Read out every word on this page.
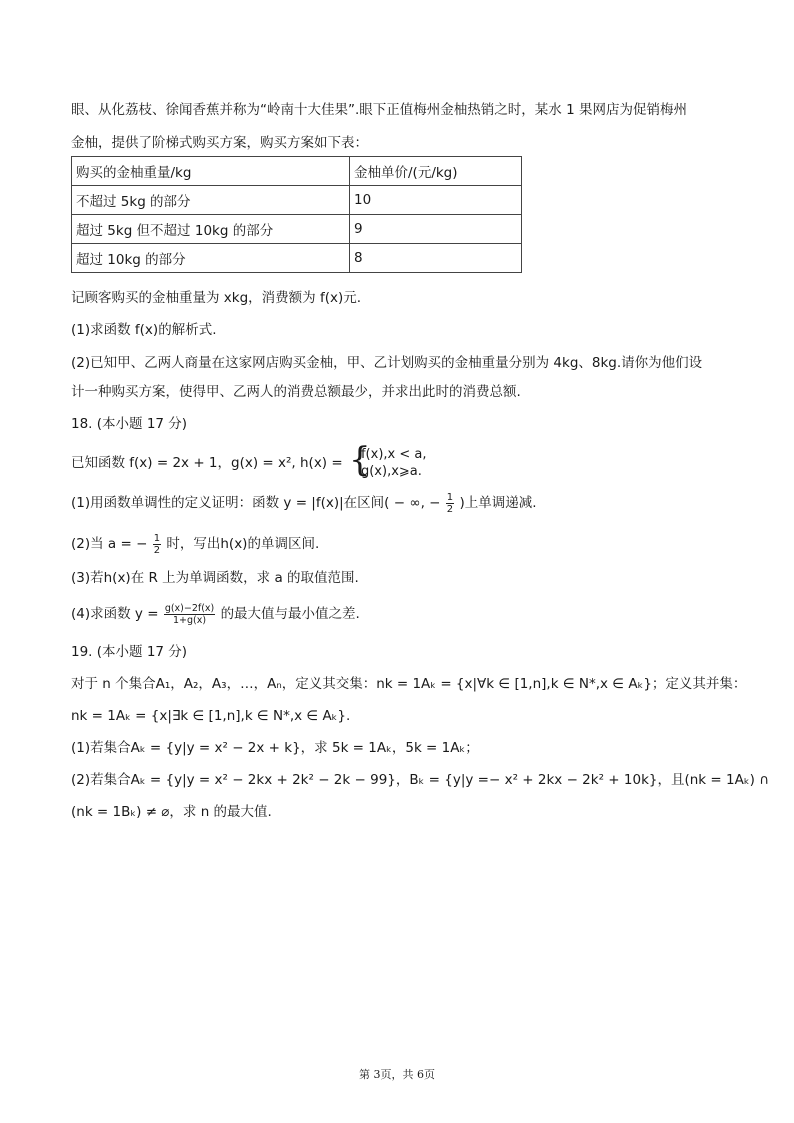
眼、从化荔枝、徐闻香蕉并称为“岭南十大佳果”.眼下正值梅州金柚热销之时，某水 1 果网店为促销梅州
金柚，提供了阶梯式购买方案，购买方案如下表：
购买的金柚重量/kg	金柚单价/(元/kg)
不超过 5kg 的部分	10
超过 5kg 但不超过 10kg 的部分	9
超过 10kg 的部分	8
记顾客购买的金柚重量为 xkg，消费额为 f(x)元.
(1)求函数 f(x)的解析式.
(2)已知甲、乙两人商量在这家网店购买金柚，甲、乙计划购买的金柚重量分别为 4kg、8kg.请你为他们设
计一种购买方案，使得甲、乙两人的消费总额最少，并求出此时的消费总额.
18. (本小题 17 分)
已知函数 f(x) = 2x + 1，g(x) = x², h(x) = {
f(x),x < a,
g(x),x⩾a.
(1)用函数单调性的定义证明：函数 y = |f(x)|在区间( − ∞, − $\frac{1}{2}$ )上单调递减.
(2)当 a = − $\frac{1}{2}$ 时，写出h(x)的单调区间.
(3)若h(x)在 R 上为单调函数，求 a 的取值范围.
(4)求函数 $y = \frac{g(x)-2f(x)}{1+g(x)}$ 的最大值与最小值之差.
19. (本小题 17 分)
对于 n 个集合A₁，A₂，A₃，…，Aₙ，定义其交集：nk = 1Aₖ = {x|∀k ∈ [1,n],k ∈ N*,x ∈ Aₖ}；定义其并集：
nk = 1Aₖ = {x|∃k ∈ [1,n],k ∈ N*,x ∈ Aₖ}.
(1)若集合Aₖ = {y|y = x² − 2x + k}，求 5k = 1Aₖ，5k = 1Aₖ；
(2)若集合Aₖ = {y|y = x² − 2kx + 2k² − 2k − 99}，Bₖ = {y|y =− x² + 2kx − 2k² + 10k}，且(nk = 1Aₖ) ∩
(nk = 1Bₖ) ≠ ⌀，求 n 的最大值.
第 3页，共 6页
